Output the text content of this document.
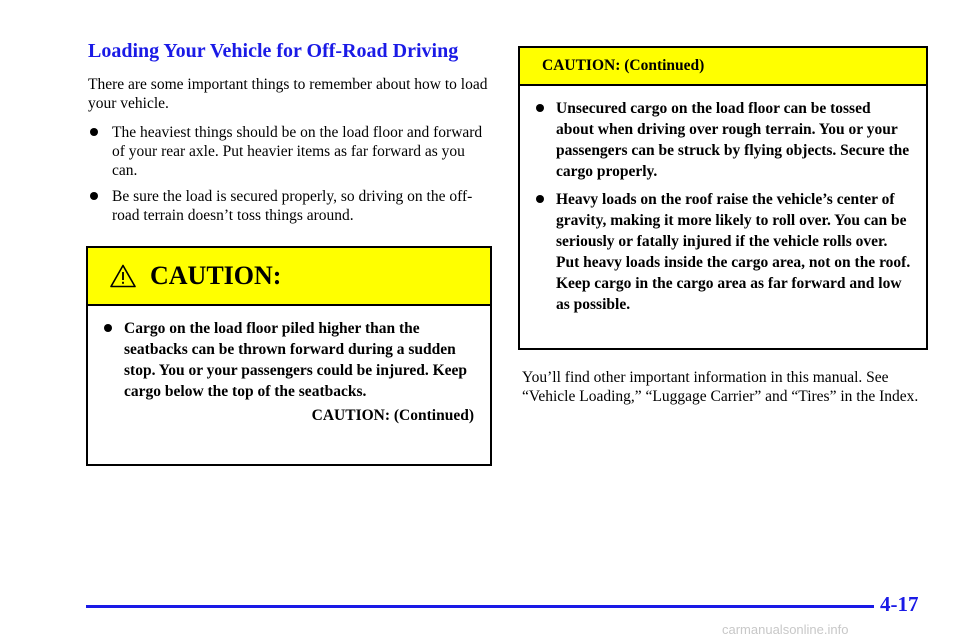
Loading Your Vehicle for Off-Road Driving

There are some important things to remember about how to load your vehicle.

The heaviest things should be on the load floor and forward of your rear axle. Put heavier items as far forward as you can.
Be sure the load is secured properly, so driving on the off-road terrain doesn’t toss things around.
CAUTION:
Cargo on the load floor piled higher than the seatbacks can be thrown forward during a sudden stop. You or your passengers could be injured. Keep cargo below the top of the seatbacks.
CAUTION: (Continued)
CAUTION: (Continued)
Unsecured cargo on the load floor can be tossed about when driving over rough terrain. You or your passengers can be struck by flying objects. Secure the cargo properly.
Heavy loads on the roof raise the vehicle’s center of gravity, making it more likely to roll over. You can be seriously or fatally injured if the vehicle rolls over. Put heavy loads inside the cargo area, not on the roof. Keep cargo in the cargo area as far forward and low as possible.

You’ll find other important information in this manual. See “Vehicle Loading,” “Luggage Carrier” and “Tires” in the Index.

4-17
carmanualsonline.info
